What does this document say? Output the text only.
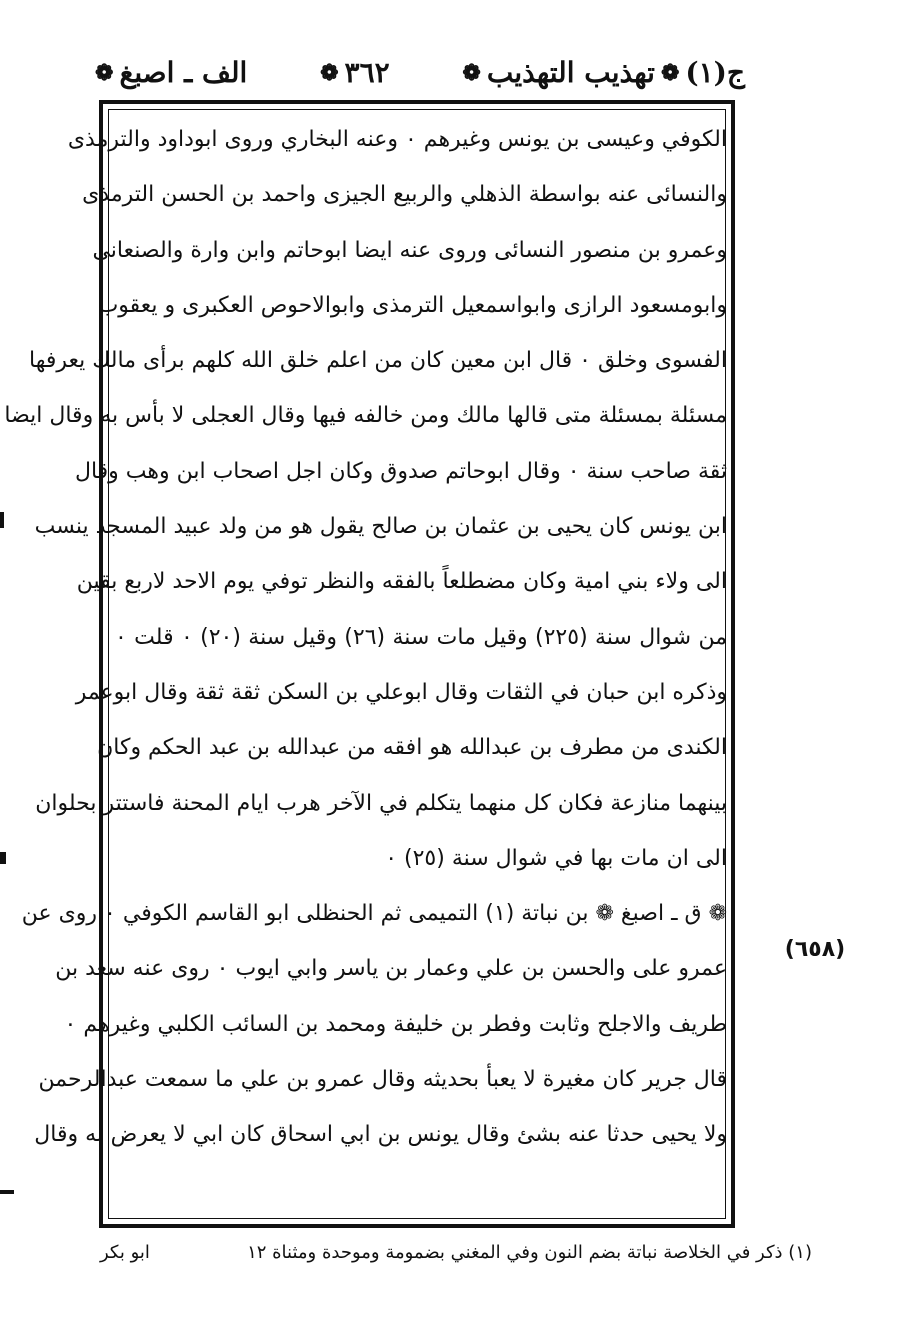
ج(١)
❁
تهذيب التهذيب
❁
٣٦٢
❁
الف ـ اصبغ
❁
الكوفي وعيسى بن يونس وغيرهم ٠ وعنه البخاري وروى ابوداود والترمذى
والنسائى عنه بواسطة الذهلي والربيع الجيزى واحمد بن الحسن الترمذى
وعمرو بن منصور النسائى وروى عنه ايضا ابوحاتم وابن وارة والصنعانى
وابومسعود الرازى وابواسمعيل الترمذى وابوالاحوص العكبرى و يعقوب
الفسوى وخلق ٠ قال ابن معين كان من اعلم خلق الله كلهم برأى مالك يعرفها
مسئلة بمسئلة متى قالها مالك ومن خالفه فيها وقال العجلى لا بأس به وقال ايضا
ثقة صاحب سنة ٠ وقال ابوحاتم صدوق وكان اجل اصحاب ابن وهب وقال
ابن يونس كان يحيى بن عثمان بن صالح يقول هو من ولد عبيد المسجد ينسب
الى ولاء بني امية وكان مضطلعاً بالفقه والنظر توفي يوم الاحد لاربع بقين
من شوال سنة (٢٢٥) وقيل مات سنة (٢٦) وقيل سنة (٢٠) ٠ قلت ٠
وذكره ابن حبان في الثقات وقال ابوعلي بن السكن ثقة ثقة وقال ابوعمر
الكندى من مطرف بن عبدالله هو افقه من عبدالله بن عبد الحكم وكان
بينهما منازعة فكان كل منهما يتكلم في الآخر هرب ايام المحنة فاستتر بحلوان
الى ان مات بها في شوال سنة (٢٥) ٠
❁ ق ـ اصبغ ❁ بن نباتة (١) التميمى ثم الحنظلى ابو القاسم الكوفي ٠ روى عن
عمرو على والحسن بن علي وعمار بن ياسر وابي ايوب ٠ روى عنه سعد بن
طريف والاجلح وثابت وفطر بن خليفة ومحمد بن السائب الكلبي وغيرهم ٠
قال جرير كان مغيرة لا يعبأ بحديثه وقال عمرو بن علي ما سمعت عبدالرحمن
ولا يحيى حدثا عنه بشئ وقال يونس بن ابي اسحاق كان ابي لا يعرض له وقال
(٦٥٨)
(١) ذكر في الخلاصة نباتة بضم النون وفي المغني بضمومة وموحدة ومثناة ١٢
ابو بكر
